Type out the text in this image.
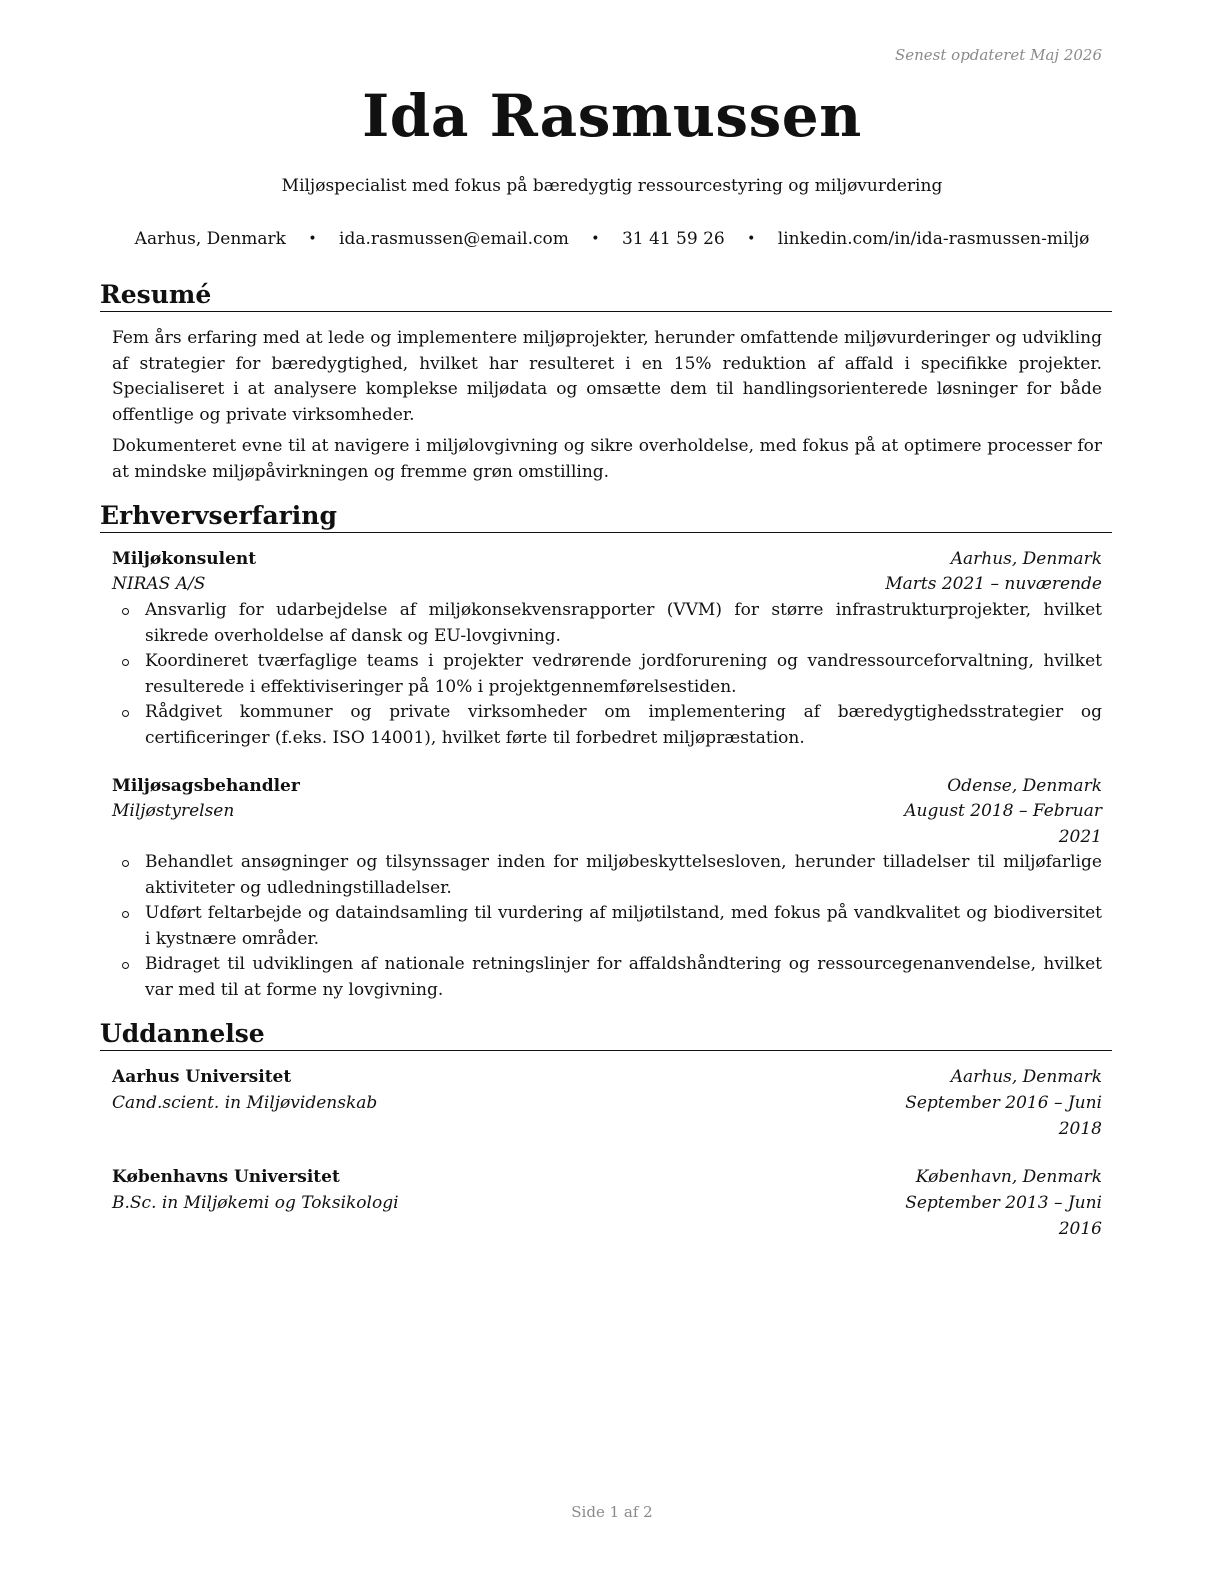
Senest opdateret Maj 2026
Ida Rasmussen
Miljøspecialist med fokus på bæredygtig ressourcestyring og miljøvurdering
Aarhus, Denmark • ida.rasmussen@email.com • 31 41 59 26 • linkedin.com/in/ida-rasmussen-miljø
Resumé
Fem års erfaring med at lede og implementere miljøprojekter, herunder omfattende miljøvurderinger og udvikling af strategier for bæredygtighed, hvilket har resulteret i en 15% reduktion af affald i specifikke projekter. Specialiseret i at analysere komplekse miljødata og omsætte dem til handlingsorienterede løsninger for både offentlige og private virksomheder.
Dokumenteret evne til at navigere i miljølovgivning og sikre overholdelse, med fokus på at optimere processer for at mindske miljøpåvirkningen og fremme grøn omstilling.
Erhvervserfaring
Miljøkonsulent	Aarhus, Denmark
NIRAS A/S	Marts 2021 – nuværende
Ansvarlig for udarbejdelse af miljøkonsekvensrapporter (VVM) for større infrastrukturprojekter, hvilket sikrede overholdelse af dansk og EU-lovgivning.
Koordineret tværfaglige teams i projekter vedrørende jordforurening og vandressourceforvaltning, hvilket resulterede i effektiviseringer på 10% i projektgennemførelsestiden.
Rådgivet kommuner og private virksomheder om implementering af bæredygtighedsstrategier og certificeringer (f.eks. ISO 14001), hvilket førte til forbedret miljøpræstation.
Miljøsagsbehandler	Odense, Denmark
Miljøstyrelsen	August 2018 – Februar 2021
Behandlet ansøgninger og tilsynssager inden for miljøbeskyttelsesloven, herunder tilladelser til miljøfarlige aktiviteter og udledningstilladelser.
Udført feltarbejde og dataindsamling til vurdering af miljøtilstand, med fokus på vandkvalitet og biodiversitet i kystnære områder.
Bidraget til udviklingen af nationale retningslinjer for affaldshåndtering og ressourcegenanvendelse, hvilket var med til at forme ny lovgivning.
Uddannelse
Aarhus Universitet	Aarhus, Denmark
Cand.scient. in Miljøvidenskab	September 2016 – Juni 2018
Københavns Universitet	København, Denmark
B.Sc. in Miljøkemi og Toksikologi	September 2013 – Juni 2016
Side 1 af 2
